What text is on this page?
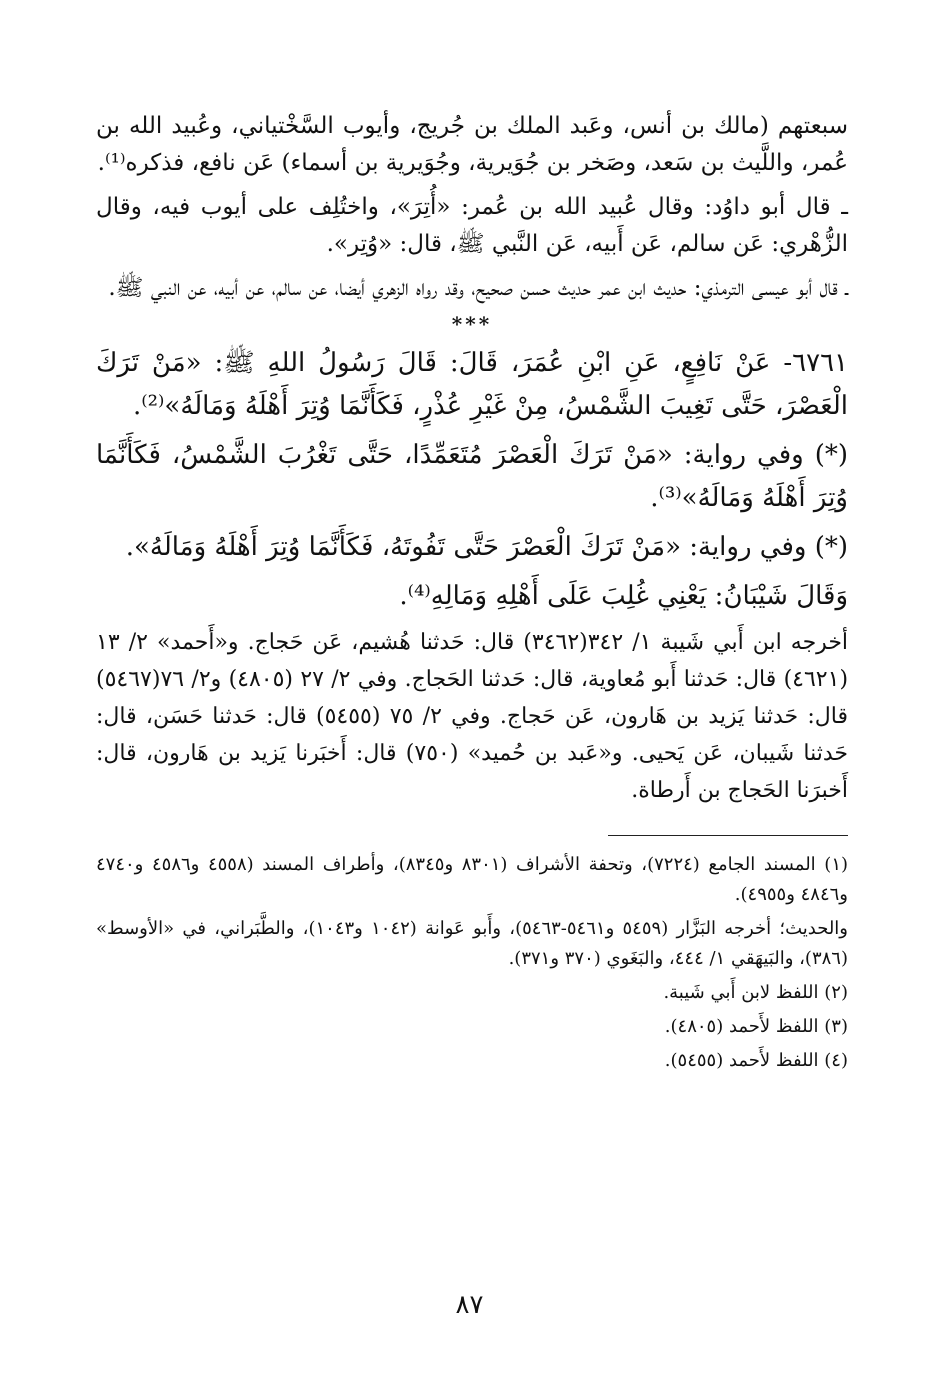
سبعتهم (مالك بن أنس، وعَبد الملك بن جُريج، وأيوب السَّخْتياني، وعُبيد الله بن عُمر، واللَّيث بن سَعد، وصَخر بن جُوَيرية، وجُوَيرية بن أسماء) عَن نافع، فذكره⁽¹⁾.

ـ قال أبو داوُد: وقال عُبيد الله بن عُمر: «أُتِرَ»، واختُلِف على أيوب فيه، وقال الزُّهْري: عَن سالم، عَن أَبيه، عَن النَّبي ﷺ، قال: «وُتِر».

ـ قال أبو عيسى الترمذي: حديث ابن عمر حديث حسن صحيح، وقد رواه الزهري أيضا، عن سالم، عن أبيه، عن النبي ﷺ.

***

٦٧٦١- عَنْ نَافِعٍ، عَنِ ابْنِ عُمَرَ، قَالَ: قَالَ رَسُولُ اللهِ ﷺ: «مَنْ تَرَكَ الْعَصْرَ، حَتَّى تَغِيبَ الشَّمْسُ، مِنْ غَيْرِ عُذْرٍ، فَكَأَنَّمَا وُتِرَ أَهْلَهُ وَمَالَهُ»⁽²⁾.

(*) وفي رواية: «مَنْ تَرَكَ الْعَصْرَ مُتَعَمِّدًا، حَتَّى تَغْرُبَ الشَّمْسُ، فَكَأَنَّمَا وُتِرَ أَهْلَهُ وَمَالَهُ»⁽³⁾.

(*) وفي رواية: «مَنْ تَرَكَ الْعَصْرَ حَتَّى تَفُوتَهُ، فَكَأَنَّمَا وُتِرَ أَهْلَهُ وَمَالَهُ».

وَقَالَ شَيْبَانُ: يَعْنِي غُلِبَ عَلَى أَهْلِهِ وَمَالِهِ⁽⁴⁾.

أخرجه ابن أَبي شَيبة ١/ ٣٤٢(٣٤٦٢) قال: حَدثنا هُشيم، عَن حَجاج. و«أَحمد» ٢/ ١٣ (٤٦٢١) قال: حَدثنا أَبو مُعاوية، قال: حَدثنا الحَجاج. وفي ٢/ ٢٧ (٤٨٠٥) و٢/ ٧٦(٥٤٦٧) قال: حَدثنا يَزيد بن هَارون، عَن حَجاج. وفي ٢/ ٧٥ (٥٤٥٥) قال: حَدثنا حَسَن، قال: حَدثنا شَيبان، عَن يَحيى. و«عَبد بن حُميد» (٧٥٠) قال: أَخبَرنا يَزيد بن هَارون، قال: أَخبرَنا الحَجاج بن أَرطاة.

(١) المسند الجامع (٧٢٢٤)، وتحفة الأشراف (٨٣٠١ و٨٣٤٥)، وأطراف المسند (٤٥٥٨ و٤٥٨٦ و٤٧٤٠ و٤٨٤٦ و٤٩٥٥).

والحديث؛ أخرجه البَزَّار (٥٤٥٩ و٥٤٦١-٥٤٦٣)، وأَبو عَوانة (١٠٤٢ و١٠٤٣)، والطَّبَراني، في «الأوسط» (٣٨٦)، والبَيهَقي ١/ ٤٤٤، والبَغَوي (٣٧٠ و٣٧١).

(٢) اللفظ لابن أَبي شَيبة.

(٣) اللفظ لأَحمد (٤٨٠٥).

(٤) اللفظ لأَحمد (٥٤٥٥).

٨٧
